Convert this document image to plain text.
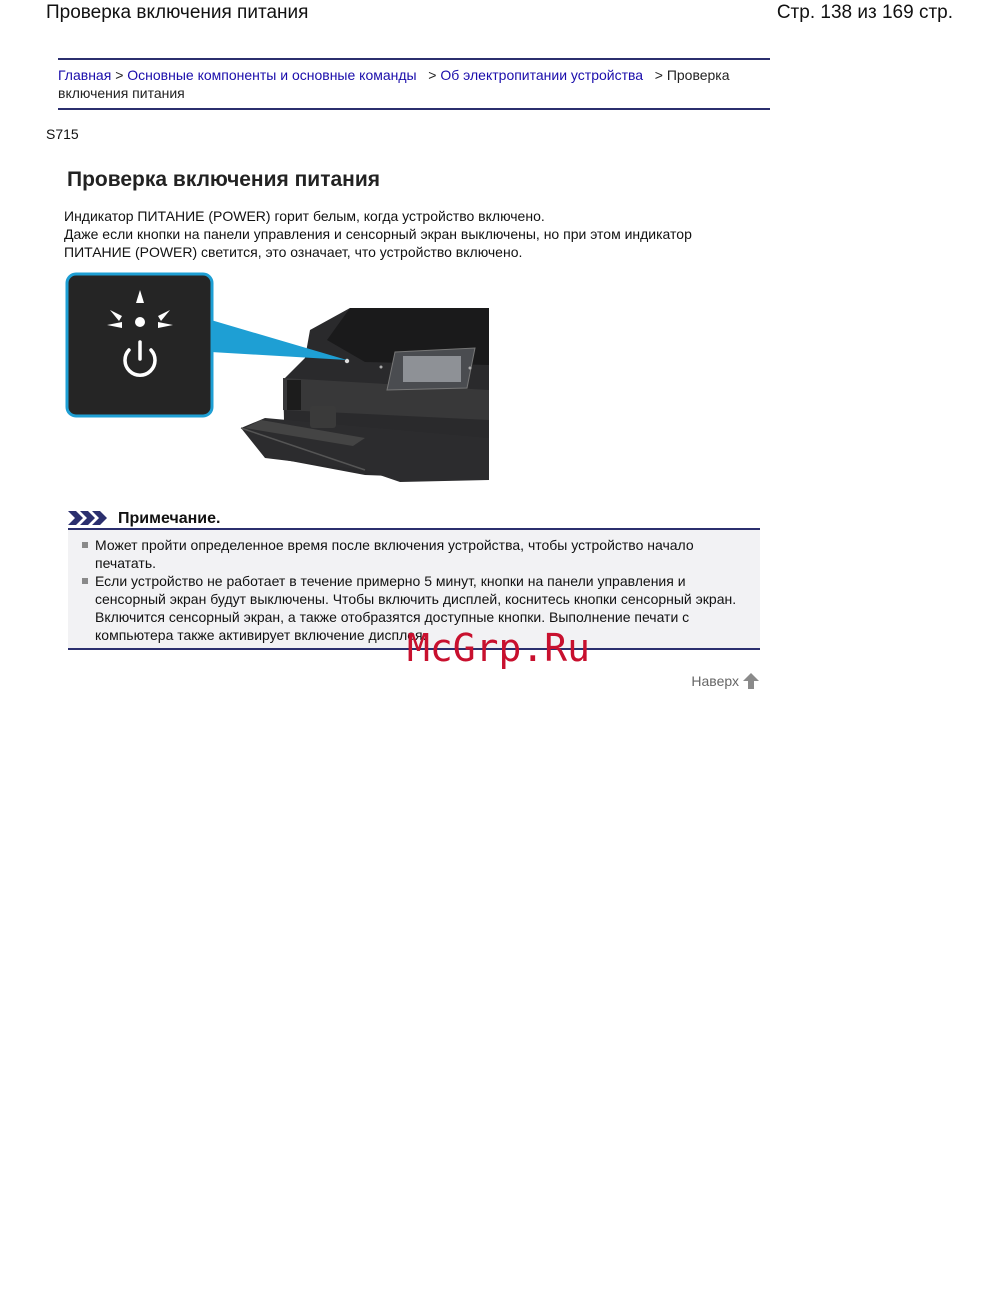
Проверка включения питания	Стр. 138 из 169 стр.
Главная > Основные компоненты и основные команды > Об электропитании устройства > Проверка включения питания
S715
Проверка включения питания
Индикатор ПИТАНИЕ (POWER) горит белым, когда устройство включено.
Даже если кнопки на панели управления и сенсорный экран выключены, но при этом индикатор ПИТАНИЕ (POWER) светится, это означает, что устройство включено.
Примечание.
Может пройти определенное время после включения устройства, чтобы устройство начало печатать.
Если устройство не работает в течение примерно 5 минут, кнопки на панели управления и сенсорный экран будут выключены. Чтобы включить дисплей, коснитесь кнопки сенсорный экран. Включится сенсорный экран, а также отобразятся доступные кнопки. Выполнение печати с компьютера также активирует включение дисплея.
McGrp.Ru
Наверх
